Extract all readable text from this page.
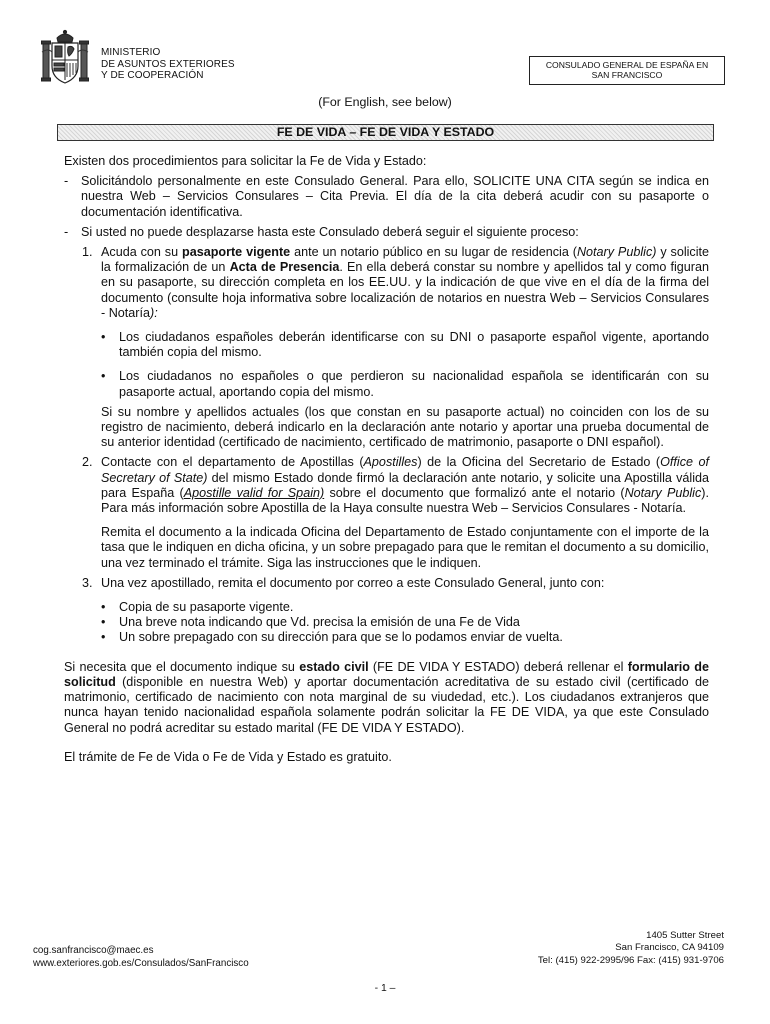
MINISTERIO
DE ASUNTOS EXTERIORES
Y DE COOPERACIÓN
CONSULADO GENERAL DE ESPAÑA EN
SAN FRANCISCO
(For English, see below)
FE DE VIDA – FE DE VIDA Y ESTADO

Existen dos procedimientos para solicitar la Fe de Vida y Estado:

- Solicitándolo personalmente en este Consulado General. Para ello, SOLICITE UNA CITA según se indica en nuestra Web – Servicios Consulares – Cita Previa. El día de la cita deberá acudir con su pasaporte o documentación identificativa.

- Si usted no puede desplazarse hasta este Consulado deberá seguir el siguiente proceso:

1. Acuda con su pasaporte vigente ante un notario público en su lugar de residencia (Notary Public) y solicite la formalización de un Acta de Presencia. En ella deberá constar su nombre y apellidos tal y como figuran en su pasaporte, su dirección completa en los EE.UU. y la indicación de que vive en el día de la firma del documento (consulte hoja informativa sobre localización de notarios en nuestra Web – Servicios Consulares - Notaría):

• Los ciudadanos españoles deberán identificarse con su DNI o pasaporte español vigente, aportando también copia del mismo.

• Los ciudadanos no españoles o que perdieron su nacionalidad española se identificarán con su pasaporte actual, aportando copia del mismo.

Si su nombre y apellidos actuales (los que constan en su pasaporte actual) no coinciden con los de su registro de nacimiento, deberá indicarlo en la declaración ante notario y aportar una prueba documental de su anterior identidad (certificado de nacimiento, certificado de matrimonio, pasaporte o DNI español).

2. Contacte con el departamento de Apostillas (Apostilles) de la Oficina del Secretario de Estado (Office of Secretary of State) del mismo Estado donde firmó la declaración ante notario, y solicite una Apostilla válida para España (Apostille valid for Spain) sobre el documento que formalizó ante el notario (Notary Public). Para más información sobre Apostilla de la Haya consulte nuestra Web – Servicios Consulares - Notaría.

Remita el documento a la indicada Oficina del Departamento de Estado conjuntamente con el importe de la tasa que le indiquen en dicha oficina, y un sobre prepagado para que le remitan el documento a su domicilio, una vez terminado el trámite. Siga las instrucciones que le indiquen.

3. Una vez apostillado, remita el documento por correo a este Consulado General, junto con:

• Copia de su pasaporte vigente.

• Una breve nota indicando que Vd. precisa la emisión de una Fe de Vida

• Un sobre prepagado con su dirección para que se lo podamos enviar de vuelta.

Si necesita que el documento indique su estado civil (FE DE VIDA Y ESTADO) deberá rellenar el formulario de solicitud (disponible en nuestra Web) y aportar documentación acreditativa de su estado civil (certificado de matrimonio, certificado de nacimiento con nota marginal de su viudedad, etc.). Los ciudadanos extranjeros que nunca hayan tenido nacionalidad española solamente podrán solicitar la FE DE VIDA, ya que este Consulado General no podrá acreditar su estado marital (FE DE VIDA Y ESTADO).

El trámite de Fe de Vida o Fe de Vida y Estado es gratuito.

cog.sanfrancisco@maec.es
www.exteriores.gob.es/Consulados/SanFrancisco
1405 Sutter Street
San Francisco, CA 94109
Tel: (415) 922-2995/96 Fax: (415) 931-9706
- 1 –
